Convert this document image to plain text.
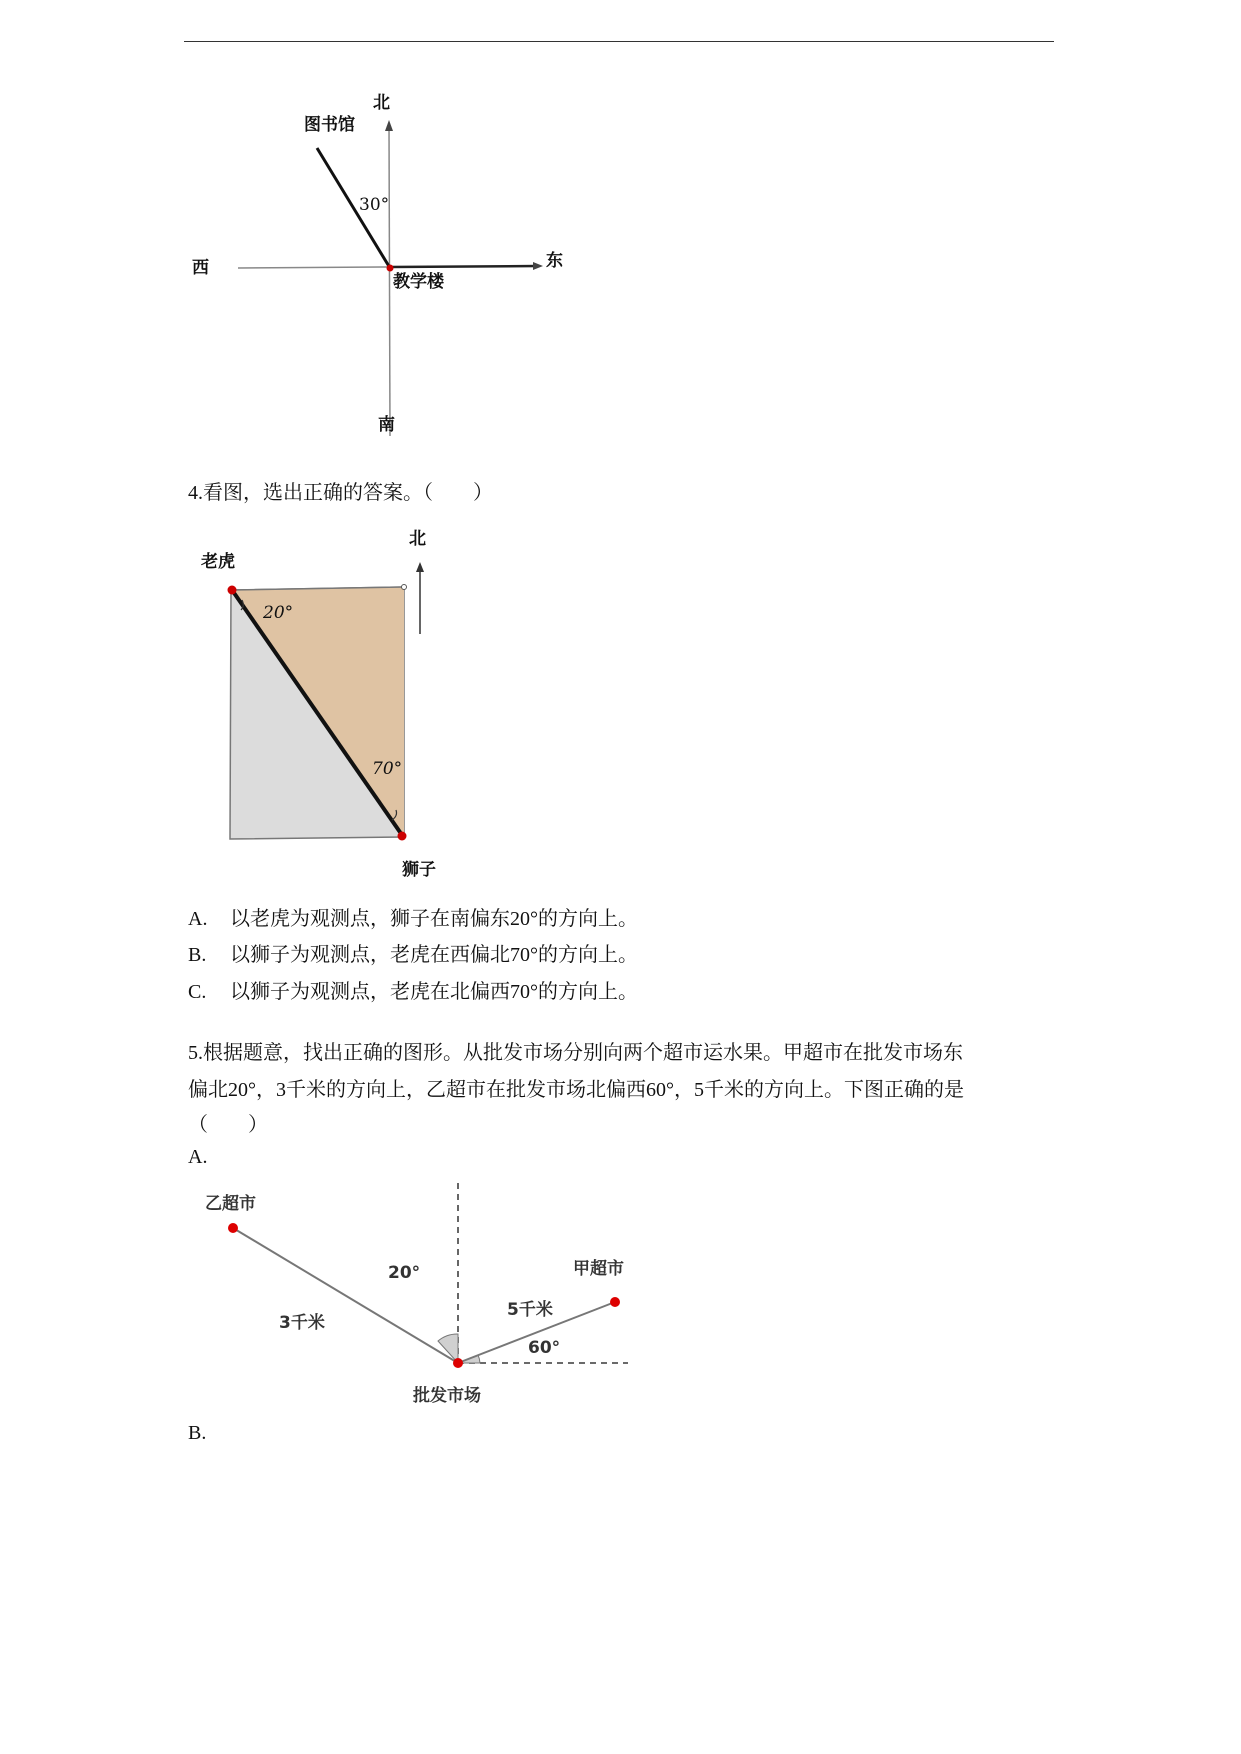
北
图书馆
30°
西	东
教学楼
南
4.看图，选出正确的答案。（　　）
老虎
北
20°
70°
狮子
A. 以老虎为观测点，狮子在南偏东20°的方向上。
B. 以狮子为观测点，老虎在西偏北70°的方向上。
C. 以狮子为观测点，老虎在北偏西70°的方向上。
5.根据题意，找出正确的图形。从批发市场分别向两个超市运水果。甲超市在批发市场东
偏北20°，3千米的方向上，乙超市在批发市场北偏西60°，5千米的方向上。下图正确的是
（　　）
A.
乙超市
甲超市
20°
3千米
5千米
60°
批发市场
B.
